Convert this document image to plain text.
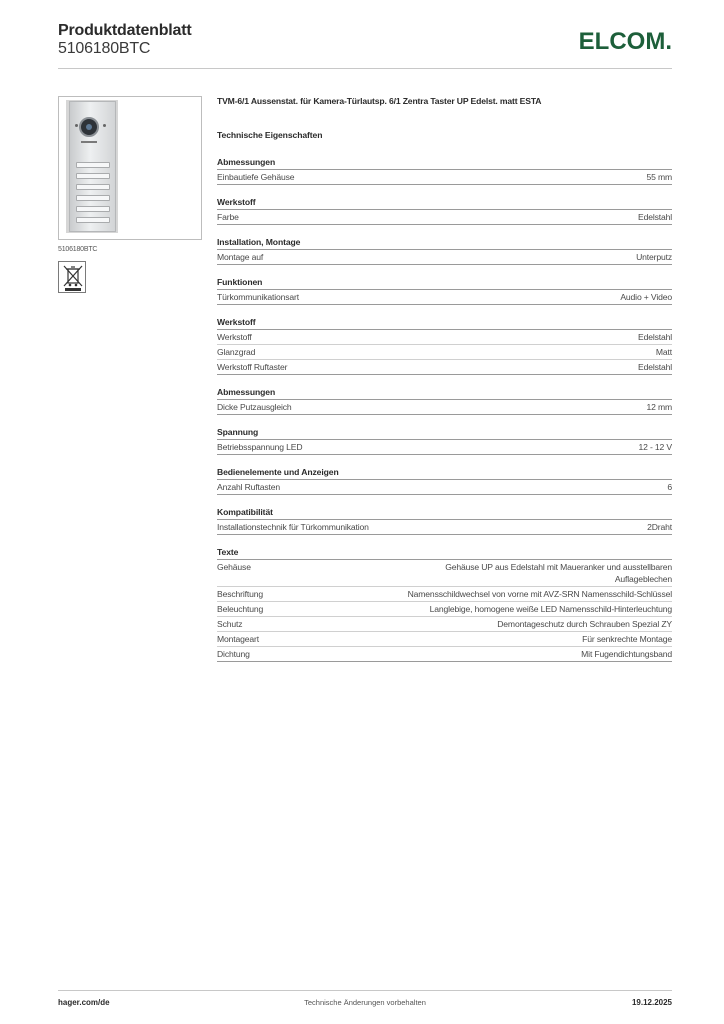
Produktdatenblatt
5106180BTC	ELCOM.
5106180BTC
TVM-6/1 Aussenstat. für Kamera-Türlautsp. 6/1 Zentra Taster UP Edelst. matt ESTA
Technische Eigenschaften
Abmessungen
Einbautiefe Gehäuse	55 mm
Werkstoff
Farbe	Edelstahl
Installation, Montage
Montage auf	Unterputz
Funktionen
Türkommunikationsart	Audio + Video
Werkstoff
Werkstoff	Edelstahl
Glanzgrad	Matt
Werkstoff Ruftaster	Edelstahl
Abmessungen
Dicke Putzausgleich	12 mm
Spannung
Betriebsspannung LED	12 - 12 V
Bedienelemente und Anzeigen
Anzahl Ruftasten	6
Kompatibilität
Installationstechnik für Türkommunikation	2Draht
Texte
Gehäuse	Gehäuse UP aus Edelstahl mit Maueranker und ausstellbaren Auflageblechen
Beschriftung	Namensschildwechsel von vorne mit AVZ-SRN Namensschild-Schlüssel
Beleuchtung	Langlebige, homogene weiße LED Namensschild-Hinterleuchtung
Schutz	Demontageschutz durch Schrauben Spezial ZY
Montageart	Für senkrechte Montage
Dichtung	Mit Fugendichtungsband
Technische Änderungen vorbehalten
hager.com/de	19.12.2025
